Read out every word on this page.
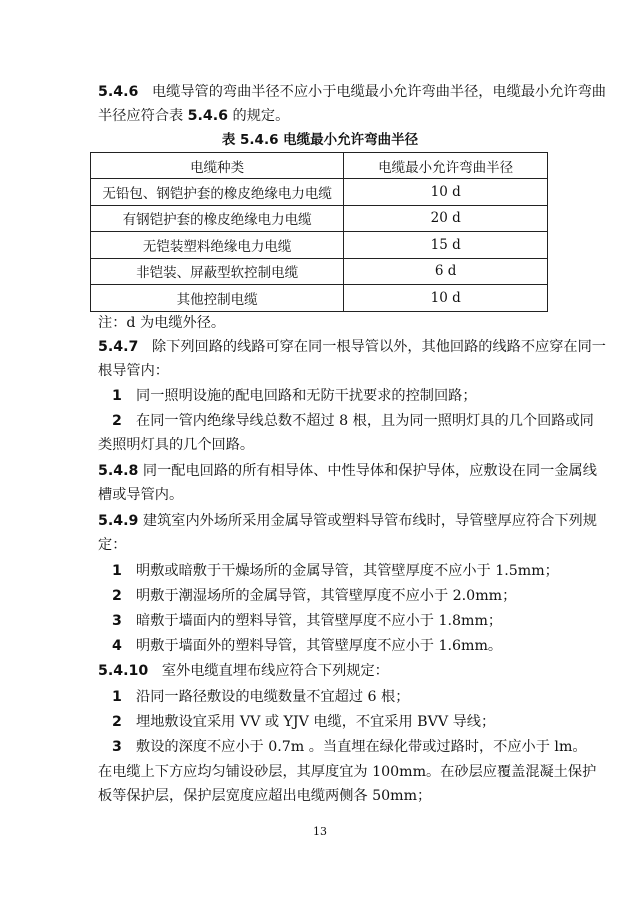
5.4.6 电缆导管的弯曲半径不应小于电缆最小允许弯曲半径，电缆最小允许弯曲
半径应符合表 5.4.6 的规定。
表 5.4.6 电缆最小允许弯曲半径
电缆种类	电缆最小允许弯曲半径
无铅包、钢铠护套的橡皮绝缘电力电缆	10 d
有钢铠护套的橡皮绝缘电力电缆	20 d
无铠装塑料绝缘电力电缆	15 d
非铠装、屏蔽型软控制电缆	6 d
其他控制电缆	10 d
注：d 为电缆外径。
5.4.7 除下列回路的线路可穿在同一根导管以外，其他回路的线路不应穿在同一
根导管内：
1 同一照明设施的配电回路和无防干扰要求的控制回路；
2 在同一管内绝缘导线总数不超过 8 根，且为同一照明灯具的几个回路或同
类照明灯具的几个回路。
5.4.8 同一配电回路的所有相导体、中性导体和保护导体，应敷设在同一金属线
槽或导管内。
5.4.9 建筑室内外场所采用金属导管或塑料导管布线时，导管壁厚应符合下列规
定：
1 明敷或暗敷于干燥场所的金属导管，其管壁厚度不应小于 1.5mm；
2 明敷于潮湿场所的金属导管，其管壁厚度不应小于 2.0mm；
3 暗敷于墙面内的塑料导管，其管壁厚度不应小于 1.8mm；
4 明敷于墙面外的塑料导管，其管壁厚度不应小于 1.6mm。
5.4.10 室外电缆直埋布线应符合下列规定：
1 沿同一路径敷设的电缆数量不宜超过 6 根；
2 埋地敷设宜采用 VV 或 YJV 电缆，不宜采用 BVV 导线；
3 敷设的深度不应小于 0.7m 。当直埋在绿化带或过路时，不应小于 lm。
在电缆上下方应均匀铺设砂层，其厚度宜为 100mm。在砂层应覆盖混凝土保护
板等保护层，保护层宽度应超出电缆两侧各 50mm；
13
